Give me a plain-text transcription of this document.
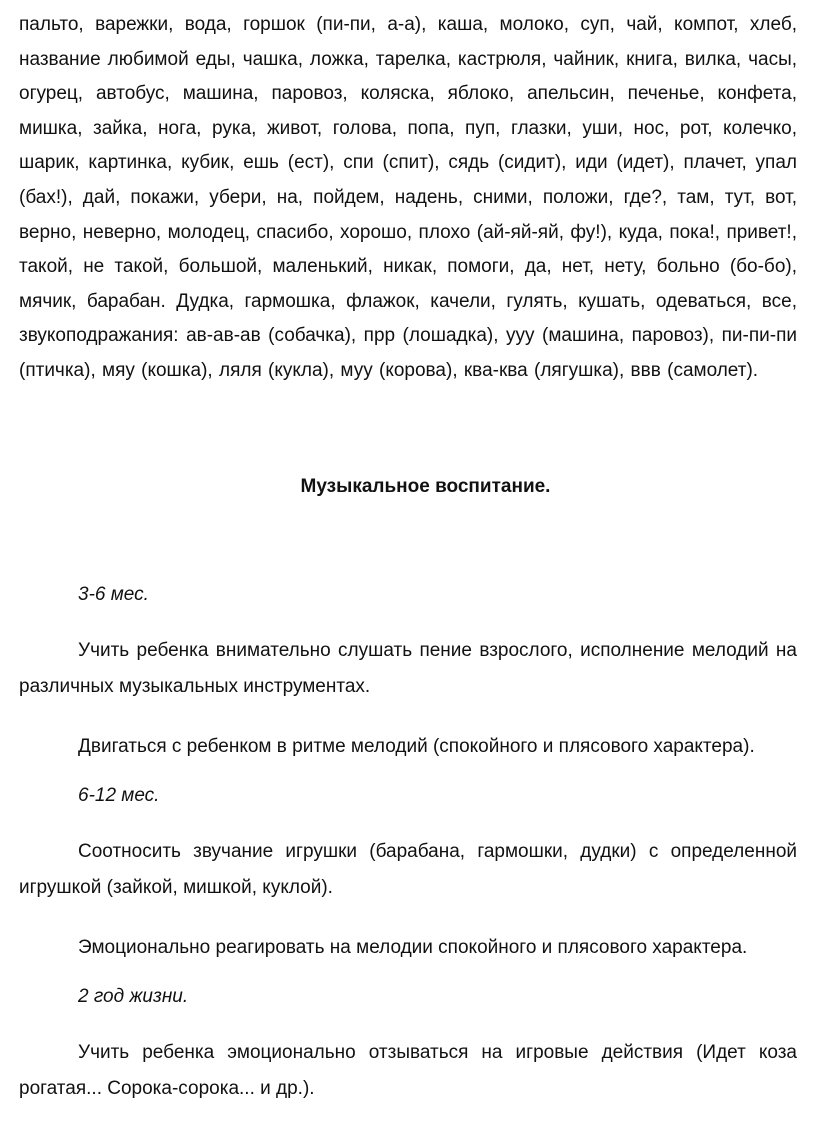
пальто, варежки, вода, горшок (пи-пи, а-а), каша, молоко, суп, чай, компот, хлеб, название любимой еды, чашка, ложка, тарелка, кастрюля, чайник, книга, вилка, часы, огурец, автобус, машина, паровоз, коляска, яблоко, апельсин, печенье, конфета, мишка, зайка, нога, рука, живот, голова, попа, пуп, глазки, уши, нос, рот, колечко, шарик, картинка, кубик, ешь (ест), спи (спит), сядь (сидит), иди (идет), плачет, упал (бах!), дай, покажи, убери, на, пойдем, надень, сними, положи, где?, там, тут, вот, верно, неверно, молодец, спасибо, хорошо, плохо (ай-яй-яй, фу!), куда, пока!, привет!, такой, не такой, большой, маленький, никак, помоги, да, нет, нету, больно (бо-бо), мячик, барабан. Дудка, гармошка, флажок, качели, гулять, кушать, одеваться, все, звукоподражания: ав-ав-ав (собачка), прр (лошадка), ууу (машина, паровоз), пи-пи-пи (птичка), мяу (кошка), ляля (кукла), муу (корова), ква-ква (лягушка), ввв (самолет).

Музыкальное воспитание.

3-6 мес.

Учить ребенка внимательно слушать пение взрослого, исполнение мелодий на различных музыкальных инструментах.

Двигаться с ребенком в ритме мелодий (спокойного и плясового характера).

6-12 мес.

Соотносить звучание игрушки (барабана, гармошки, дудки) с определенной игрушкой (зайкой, мишкой, куклой).

Эмоционально реагировать на мелодии спокойного и плясового характера.

2 год жизни.

Учить ребенка эмоционально отзываться на игровые действия (Идет коза рогатая... Сорока-сорока... и др.).
